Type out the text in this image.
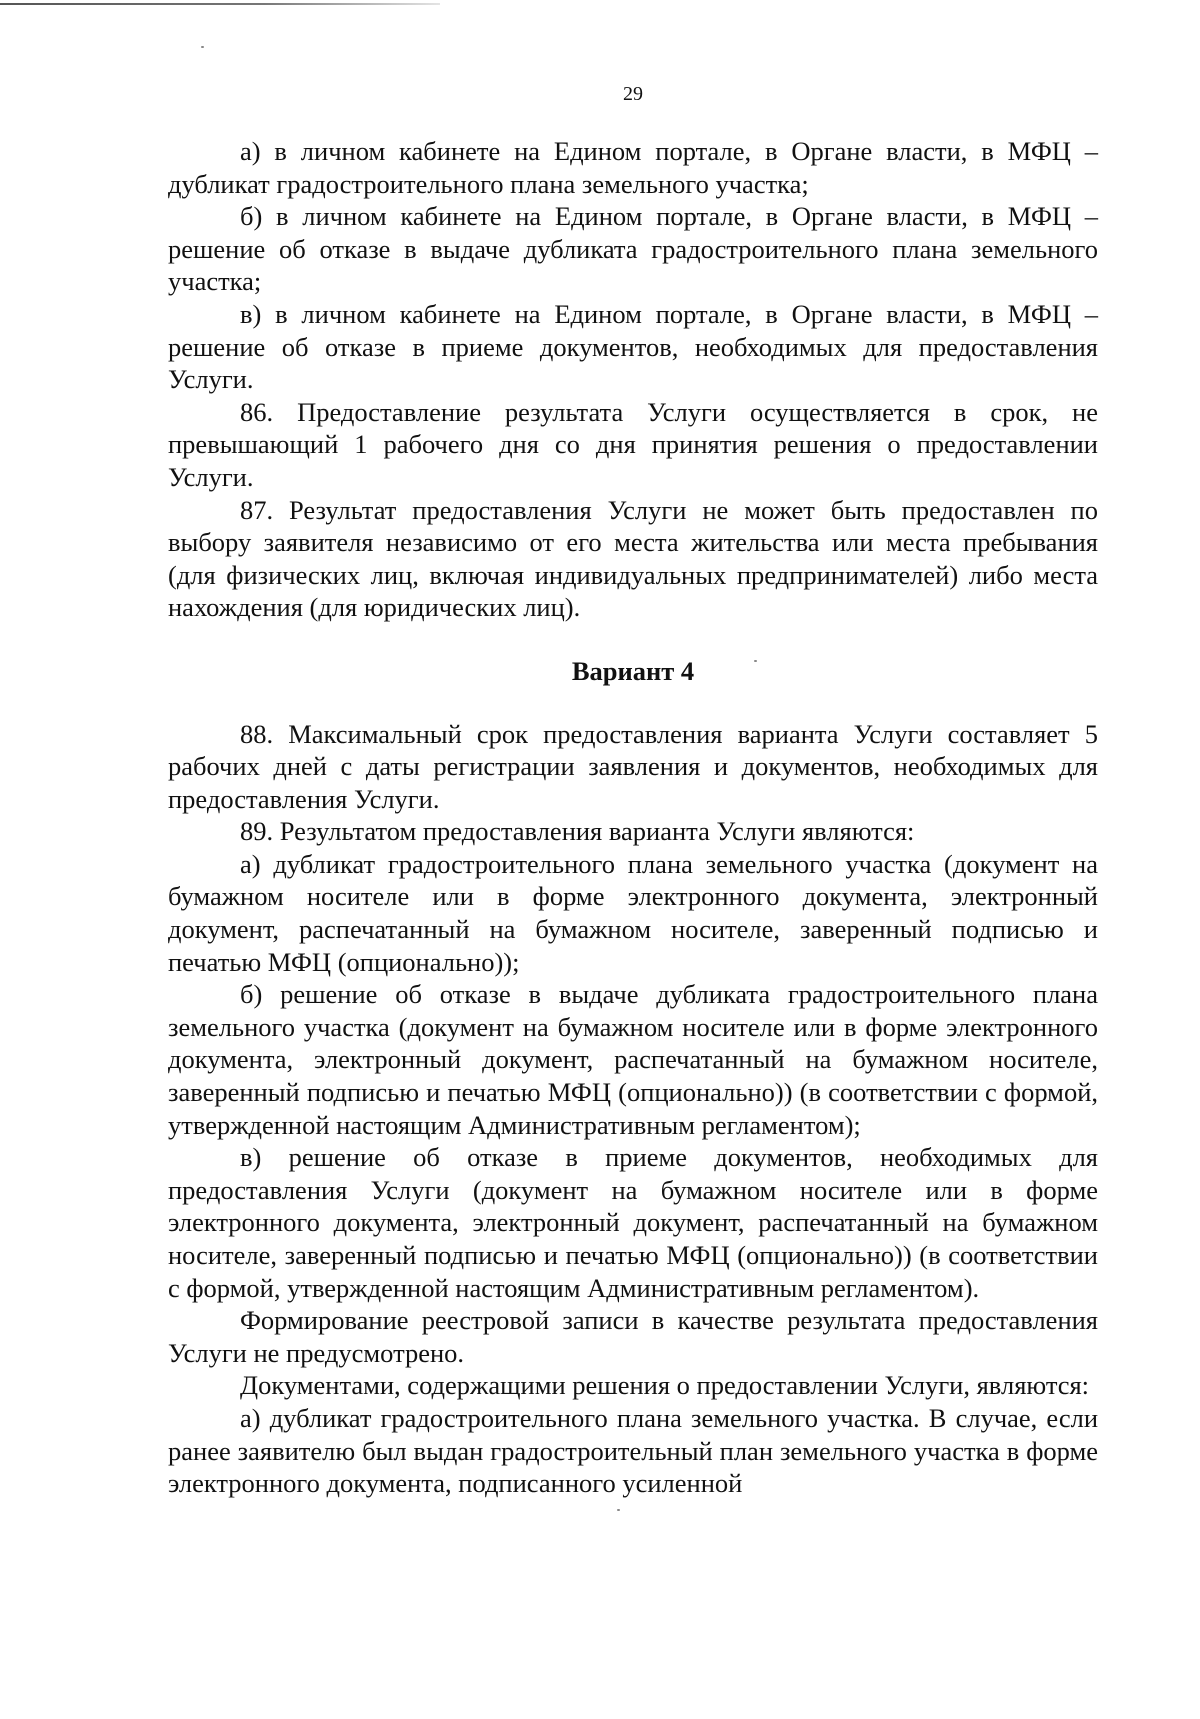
29

а) в личном кабинете на Едином портале, в Органе власти, в МФЦ – дубликат градостроительного плана земельного участка;

б) в личном кабинете на Едином портале, в Органе власти, в МФЦ – решение об отказе в выдаче дубликата градостроительного плана земельного участка;

в) в личном кабинете на Едином портале, в Органе власти, в МФЦ – решение об отказе в приеме документов, необходимых для предоставления Услуги.

86. Предоставление результата Услуги осуществляется в срок, не превышающий 1 рабочего дня со дня принятия решения о предоставлении Услуги.

87. Результат предоставления Услуги не может быть предоставлен по выбору заявителя независимо от его места жительства или места пребывания (для физических лиц, включая индивидуальных предпринимателей) либо места нахождения (для юридических лиц).

Вариант 4

88. Максимальный срок предоставления варианта Услуги составляет 5 рабочих дней с даты регистрации заявления и документов, необходимых для предоставления Услуги.

89. Результатом предоставления варианта Услуги являются:

а) дубликат градостроительного плана земельного участка (документ на бумажном носителе или в форме электронного документа, электронный документ, распечатанный на бумажном носителе, заверенный подписью и печатью МФЦ (опционально));

б) решение об отказе в выдаче дубликата градостроительного плана земельного участка (документ на бумажном носителе или в форме электронного документа, электронный документ, распечатанный на бумажном носителе, заверенный подписью и печатью МФЦ (опционально)) (в соответствии с формой, утвержденной настоящим Административным регламентом);

в) решение об отказе в приеме документов, необходимых для предоставления Услуги (документ на бумажном носителе или в форме электронного документа, электронный документ, распечатанный на бумажном носителе, заверенный подписью и печатью МФЦ (опционально)) (в соответствии с формой, утвержденной настоящим Административным регламентом).

Формирование реестровой записи в качестве результата предоставления Услуги не предусмотрено.

Документами, содержащими решения о предоставлении Услуги, являются:

а) дубликат градостроительного плана земельного участка. В случае, если ранее заявителю был выдан градостроительный план земельного участка в форме электронного документа, подписанного усиленной
